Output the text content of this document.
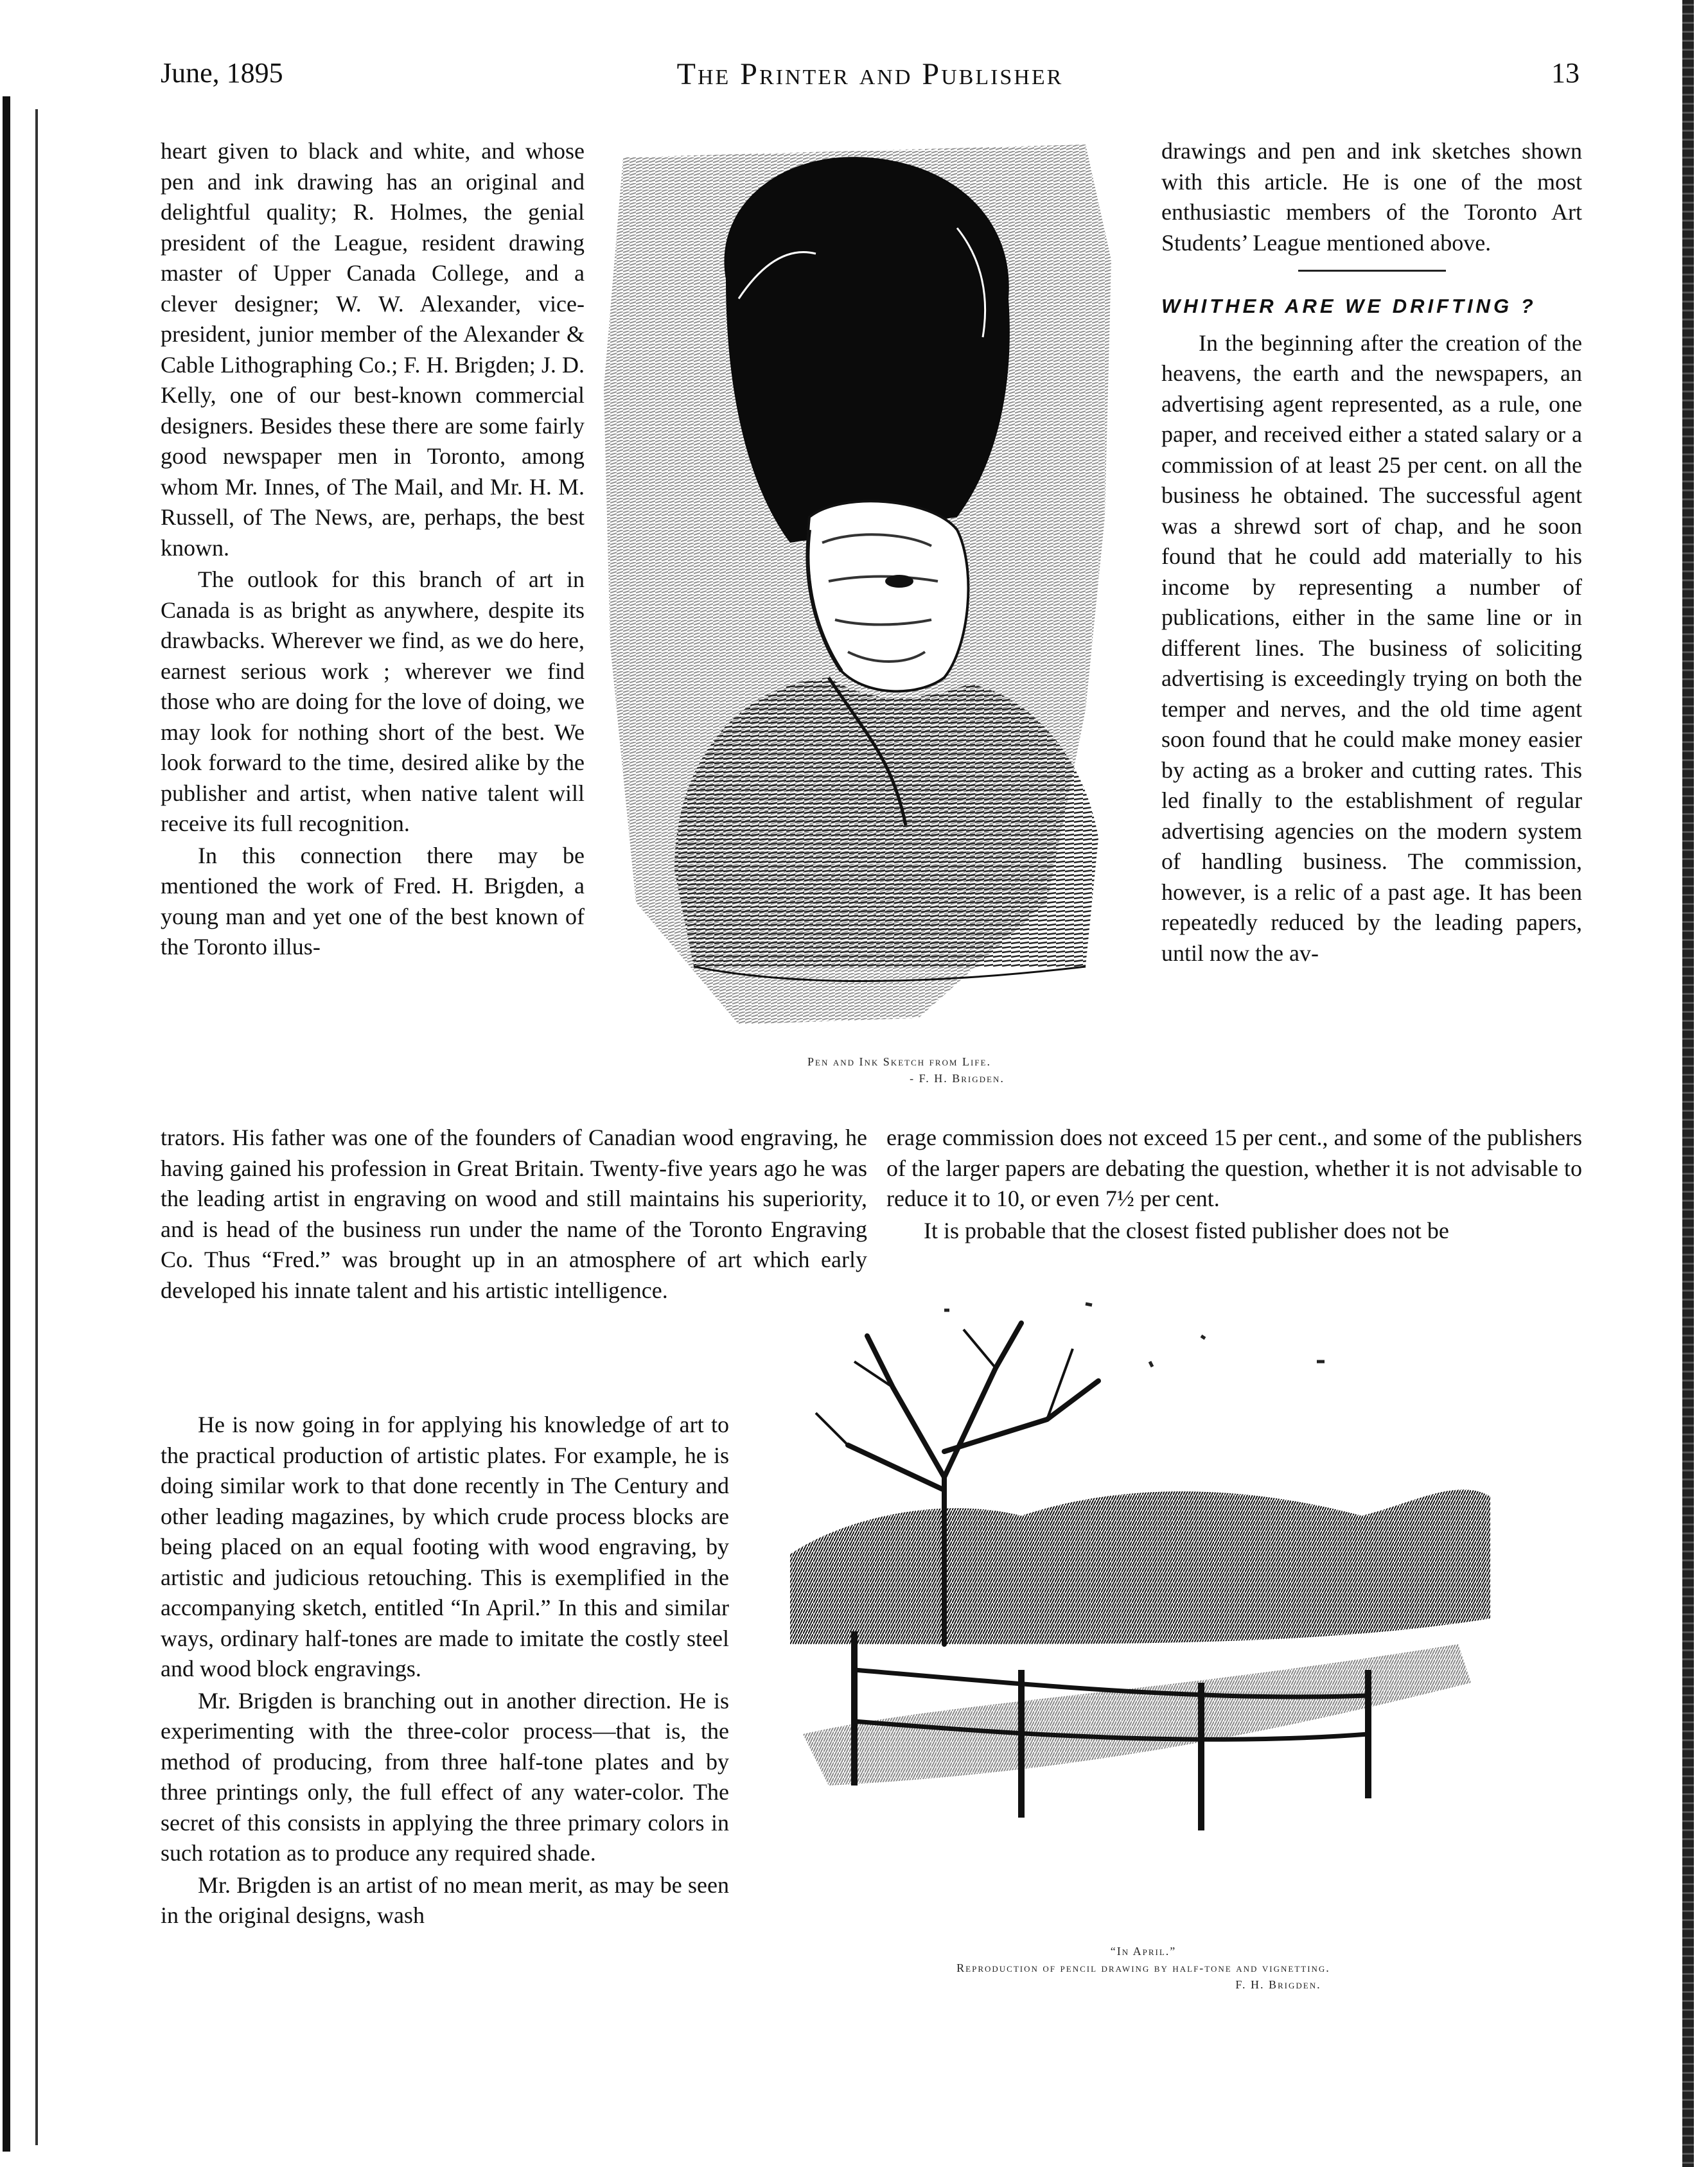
June, 1895	The Printer and Publisher	13

heart given to black and white, and whose pen and ink drawing has an original and delightful quality; R. Holmes, the genial president of the League, resident drawing master of Upper Canada College, and a clever designer; W. W. Alexander, vice-president, junior member of the Alexander & Cable Lithographing Co.; F. H. Brigden; J. D. Kelly, one of our best-known commercial designers. Besides these there are some fairly good newspaper men in Toronto, among whom Mr. Innes, of The Mail, and Mr. H. M. Russell, of The News, are, perhaps, the best known.

The outlook for this branch of art in Canada is as bright as anywhere, despite its drawbacks. Wherever we find, as we do here, earnest serious work ; wherever we find those who are doing for the love of doing, we may look for nothing short of the best. We look forward to the time, desired alike by the publisher and artist, when native talent will receive its full recognition.

In this connection there may be mentioned the work of Fred. H. Brigden, a young man and yet one of the best known of the Toronto illus-

Pen and Ink Sketch from Life.
- F. H. Brigden.

drawings and pen and ink sketches shown with this article. He is one of the most enthusiastic members of the Toronto Art Students’ League mentioned above.

WHITHER ARE WE DRIFTING ?

In the beginning after the creation of the heavens, the earth and the newspapers, an advertising agent represented, as a rule, one paper, and received either a stated salary or a commission of at least 25 per cent. on all the business he obtained. The successful agent was a shrewd sort of chap, and he soon found that he could add materially to his income by representing a number of publications, either in the same line or in different lines. The business of soliciting advertising is exceedingly trying on both the temper and nerves, and the old time agent soon found that he could make money easier by acting as a broker and cutting rates. This led finally to the establishment of regular advertising agencies on the modern system of handling business. The commission, however, is a relic of a past age. It has been repeatedly reduced by the leading papers, until now the av-

trators. His father was one of the founders of Canadian wood engraving, he having gained his profession in Great Britain. Twenty-five years ago he was the leading artist in engraving on wood and still maintains his superiority, and is head of the business run under the name of the Toronto Engraving Co. Thus “Fred.” was brought up in an atmosphere of art which early developed his innate talent and his artistic intelligence.

erage commission does not exceed 15 per cent., and some of the publishers of the larger papers are debating the question, whether it is not advisable to reduce it to 10, or even 7½ per cent.

It is probable that the closest fisted publisher does not be

He is now going in for applying his knowledge of art to the practical production of artistic plates. For example, he is doing similar work to that done recently in The Century and other leading magazines, by which crude process blocks are being placed on an equal footing with wood engraving, by artistic and judicious retouching. This is exemplified in the accompanying sketch, entitled “In April.” In this and similar ways, ordinary half-tones are made to imitate the costly steel and wood block engravings.

Mr. Brigden is branching out in another direction. He is experimenting with the three-color process—that is, the method of producing, from three half-tone plates and by three printings only, the full effect of any water-color. The secret of this consists in applying the three primary colors in such rotation as to produce any required shade.

Mr. Brigden is an artist of no mean merit, as may be seen in the original designs, wash

“In April.”
Reproduction of pencil drawing by half-tone and vignetting.
F. H. Brigden.
